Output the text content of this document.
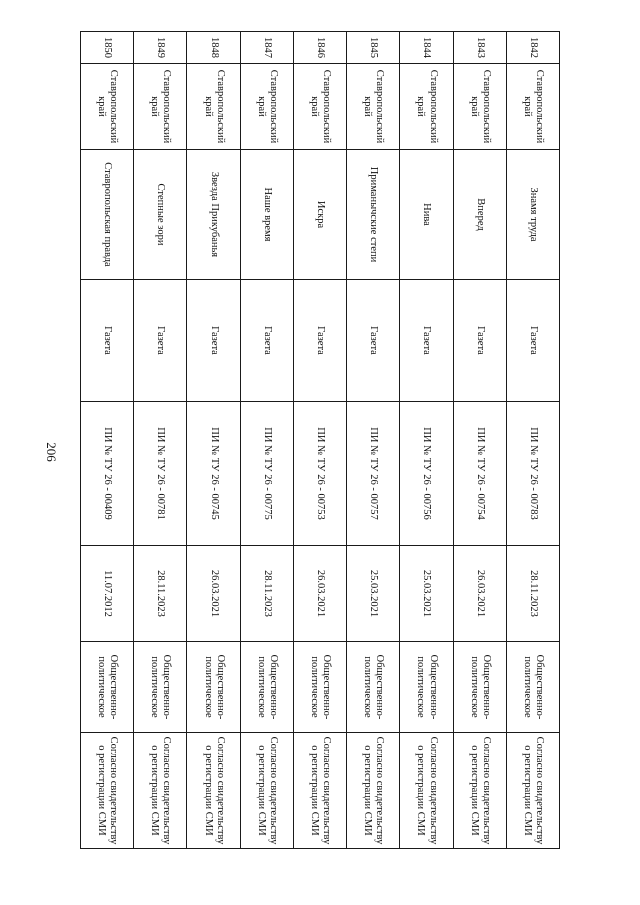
206
1842	Ставропольский край	Знамя труда	Газета	ПИ № ТУ 26 - 00783	28.11.2023	Общественно-политическое	Согласно свидетельству о регистрации СМИ
1843	Ставропольский край	Вперед	Газета	ПИ № ТУ 26 - 00754	26.03.2021	Общественно-политическое	Согласно свидетельству о регистрации СМИ
1844	Ставропольский край	Нива	Газета	ПИ № ТУ 26 - 00756	25.03.2021	Общественно-политическое	Согласно свидетельству о регистрации СМИ
1845	Ставропольский край	Приманычские степи	Газета	ПИ № ТУ 26 - 00757	25.03.2021	Общественно-политическое	Согласно свидетельству о регистрации СМИ
1846	Ставропольский край	Искра	Газета	ПИ № ТУ 26 - 00753	26.03.2021	Общественно-политическое	Согласно свидетельству о регистрации СМИ
1847	Ставропольский край	Наше время	Газета	ПИ № ТУ 26 - 00775	28.11.2023	Общественно-политическое	Согласно свидетельству о регистрации СМИ
1848	Ставропольский край	Звезда Прикубанья	Газета	ПИ № ТУ 26 - 00745	26.03.2021	Общественно-политическое	Согласно свидетельству о регистрации СМИ
1849	Ставропольский край	Степные зори	Газета	ПИ № ТУ 26 - 00781	28.11.2023	Общественно-политическое	Согласно свидетельству о регистрации СМИ
1850	Ставропольский край	Ставропольская правда	Газета	ПИ № ТУ 26 - 00409	11.07.2012	Общественно-политическое	Согласно свидетельству о регистрации СМИ
